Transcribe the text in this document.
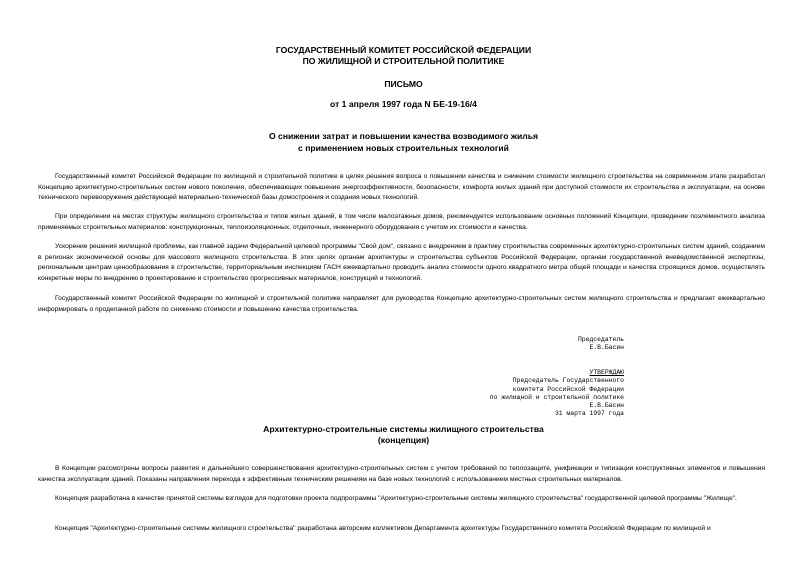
ГОСУДАРСТВЕННЫЙ КОМИТЕТ РОССИЙСКОЙ ФЕДЕРАЦИИ
ПО ЖИЛИЩНОЙ И СТРОИТЕЛЬНОЙ ПОЛИТИКЕ
ПИСЬМО
от 1 апреля 1997 года N БЕ-19-16/4
О снижении затрат и повышении качества возводимого жилья
с применением новых строительных технологий

Государственный комитет Российской Федерации по жилищной и строительной политике в целях решения вопроса о повышении качества и снижении стоимости жилищного строительства на современном этапе разработал Концепцию архитектурно-строительных систем нового поколения, обеспечивающих повышение энергоэффективности, безопасности, комфорта жилых зданий при доступной стоимости их строительства и эксплуатации, на основе технического перевооружения действующей материально-технической базы домостроения и создания новых технологий.

При определении на местах структуры жилищного строительства и типов жилых зданий, в том числе малоэтажных домов, рекомендуется использование основных положений Концепции, проведение поэлементного анализа применяемых строительных материалов: конструкционных, теплоизоляционных, отделочных, инженерного оборудования с учетом их стоимости и качества.

Ускорение решения жилищной проблемы, как главной задачи Федеральной целевой программы "Свой дом", связано с внедрением в практику строительства современных архитектурно-строительных систем зданий, созданием в регионах экономической основы для массового жилищного строительства. В этих целях органам архитектуры и строительства субъектов Российской Федерации, органам государственной вневедомственной экспертизы, региональным центрам ценообразования в строительстве, территориальным инспекциям ГАСН ежеквартально проводить анализ стоимости одного квадратного метра общей площади и качества строящихся домов, осуществлять конкретные меры по внедрению в проектирование и строительство прогрессивных материалов, конструкций и технологий.

Государственный комитет Российской Федерации по жилищной и строительной политике направляет для руководства Концепцию архитектурно-строительных систем жилищного строительства и предлагает ежеквартально информировать о проделанной работе по снижению стоимости и повышению качества строительства.

Председатель
Е.В.Басин
УТВЕРЖДАЮ
Председатель Государственного
комитета Российской Федерации
по жилищной и строительной политике
Е.В.Басин
31 марта 1997 года
Архитектурно-строительные системы жилищного строительства
(концепция)

В Концепции рассмотрены вопросы развития и дальнейшего совершенствования архитектурно-строительных систем с учетом требований по теплозащите, унификации и типизации конструктивных элементов и повышения качества эксплуатации зданий. Показаны направления перехода к эффективным техническим решениям на базе новых технологий с использованием местных строительных материалов.

Концепция разработана в качестве принятой системы взглядов для подготовки проекта подпрограммы "Архитектурно-строительные системы жилищного строительства" государственной целевой программы "Жилище".

Концепция "Архитектурно-строительные системы жилищного строительства" разработана авторским коллективом Департамента архитектуры Государственного комитета Российской Федерации по жилищной и
